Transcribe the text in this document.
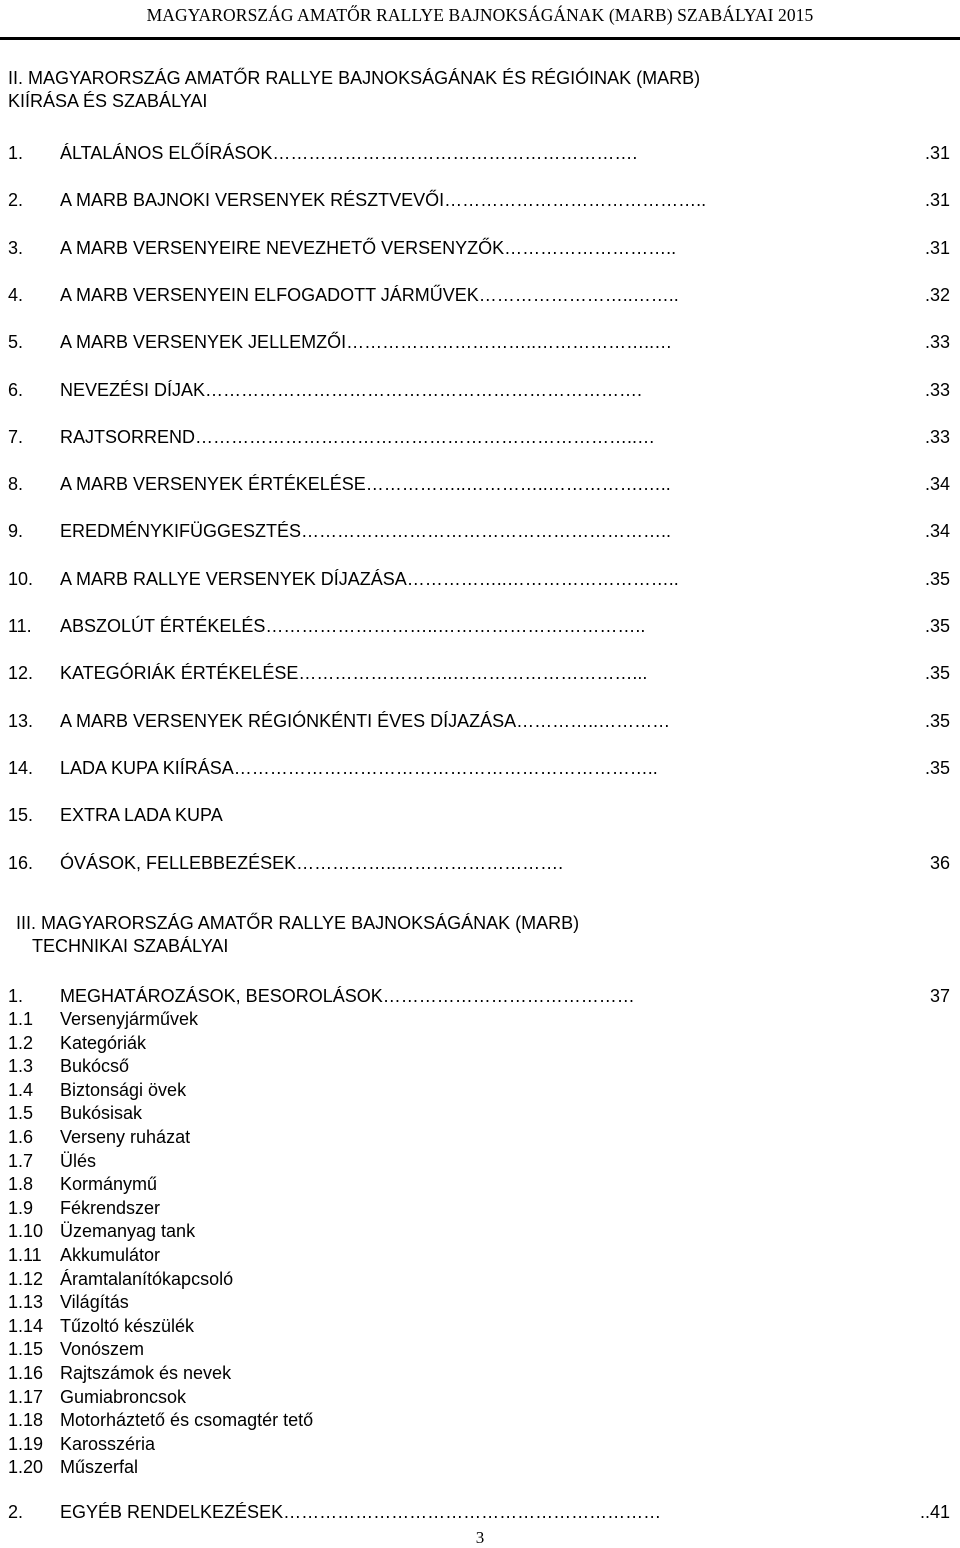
MAGYARORSZÁG AMATŐR RALLYE BAJNOKSÁGÁNAK (MARB) SZABÁLYAI 2015
II. MAGYARORSZÁG AMATŐR RALLYE BAJNOKSÁGÁNAK ÉS RÉGIÓINAK (MARB)
KIÍRÁSA ÉS SZABÁLYAI
1. ÁLTALÁNOS ELŐÍRÁSOK…………………………………………………….	.31
2. A MARB BAJNOKI VERSENYEK RÉSZTVEVŐI……………………………………..	.31
3. A MARB VERSENYEIRE NEVEZHETŐ VERSENYZŐK………………………..	.31
4. A MARB VERSENYEIN ELFOGADOTT JÁRMŰVEK……………………..……..	.32
5. A MARB VERSENYEK JELLEMZŐI…………………………..………………..…	.33
6. NEVEZÉSI DÍJAK……………………………………………………………….	.33
7. RAJTSORREND………………………………………………………………..…	.33
8. A MARB VERSENYEK ÉRTÉKELÉSE……………..…………..…………….…..	.34
9. EREDMÉNYKIFÜGGESZTÉS……………………………………………………..	.34
10. A MARB RALLYE VERSENYEK DÍJAZÁSA……………..………………………..	.35
11. ABSZOLÚT ÉRTÉKELÉS………………………..……………………………..	.35
12. KATEGÓRIÁK ÉRTÉKELÉSE……………………..…………………………...	.35
13. A MARB VERSENYEK RÉGIÓNKÉNTI ÉVES DÍJAZÁSA…………..…………	.35
14. LADA KUPA KIÍRÁSA……………………………………………………………..	.35
15. EXTRA LADA KUPA
16. ÓVÁSOK, FELLEBBEZÉSEK……………..……………………….	36
III. MAGYARORSZÁG AMATŐR RALLYE BAJNOKSÁGÁNAK (MARB)
TECHNIKAI SZABÁLYAI
1. MEGHATÁROZÁSOK, BESOROLÁSOK……………………………………	37
1.1 Versenyjárművek
1.2 Kategóriák
1.3 Bukócső
1.4 Biztonsági övek
1.5 Bukósisak
1.6 Verseny ruházat
1.7 Ülés
1.8 Kormánymű
1.9 Fékrendszer
1.10 Üzemanyag tank
1.11 Akkumulátor
1.12 Áramtalanítókapcsoló
1.13 Világítás
1.14 Tűzoltó készülék
1.15 Vonószem
1.16 Rajtszámok és nevek
1.17 Gumiabroncsok
1.18 Motorháztető és csomagtér tető
1.19 Karosszéria
1.20 Műszerfal
2. EGYÉB RENDELKEZÉSEK………………………………………………………	..41
3
